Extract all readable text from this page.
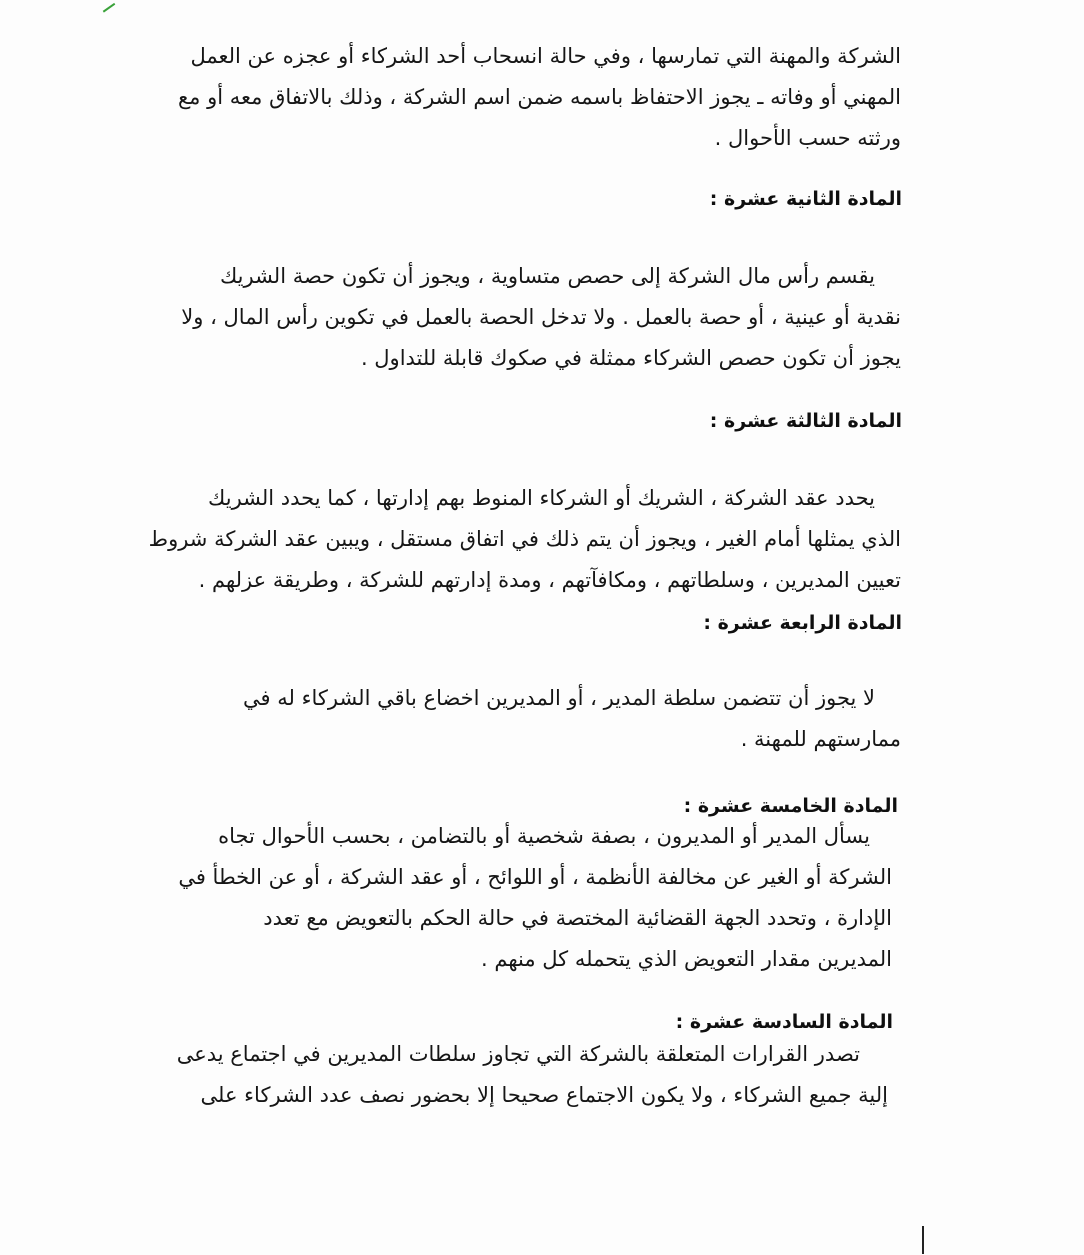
الشركة والمهنة التي تمارسها ، وفي حالة انسحاب أحد الشركاء أو عجزه عن العمل
المهني أو وفاته ـ يجوز الاحتفاظ باسمه ضمن اسم الشركة ، وذلك بالاتفاق معه أو مع
ورثته حسب الأحوال .
المادة الثانية عشرة :
يقسم رأس مال الشركة إلى حصص متساوية ، ويجوز أن تكون حصة الشريك
نقدية أو عينية ، أو حصة بالعمل . ولا تدخل الحصة بالعمل في تكوين رأس المال ، ولا
يجوز أن تكون حصص الشركاء ممثلة في صكوك قابلة للتداول .
المادة الثالثة عشرة :
يحدد عقد الشركة ، الشريك أو الشركاء المنوط بهم إدارتها ، كما يحدد الشريك
الذي يمثلها أمام الغير ، ويجوز أن يتم ذلك في اتفاق مستقل ، ويبين عقد الشركة شروط
تعيين المديرين ، وسلطاتهم ، ومكافآتهم ، ومدة إدارتهم للشركة ، وطريقة عزلهم .
المادة الرابعة عشرة :
لا يجوز أن تتضمن سلطة المدير ، أو المديرين اخضاع باقي الشركاء له في
ممارستهم للمهنة .
المادة الخامسة عشرة :
يسأل المدير أو المديرون ، بصفة شخصية أو بالتضامن ، بحسب الأحوال تجاه
الشركة أو الغير عن مخالفة الأنظمة ، أو اللوائح ، أو عقد الشركة ، أو عن الخطأ في
الإدارة ، وتحدد الجهة القضائية المختصة في حالة الحكم بالتعويض مع تعدد
المديرين مقدار التعويض الذي يتحمله كل منهم .
المادة السادسة عشرة :
تصدر القرارات المتعلقة بالشركة التي تجاوز سلطات المديرين في اجتماع يدعى
إلية جميع الشركاء ، ولا يكون الاجتماع صحيحا إلا بحضور نصف عدد الشركاء على
